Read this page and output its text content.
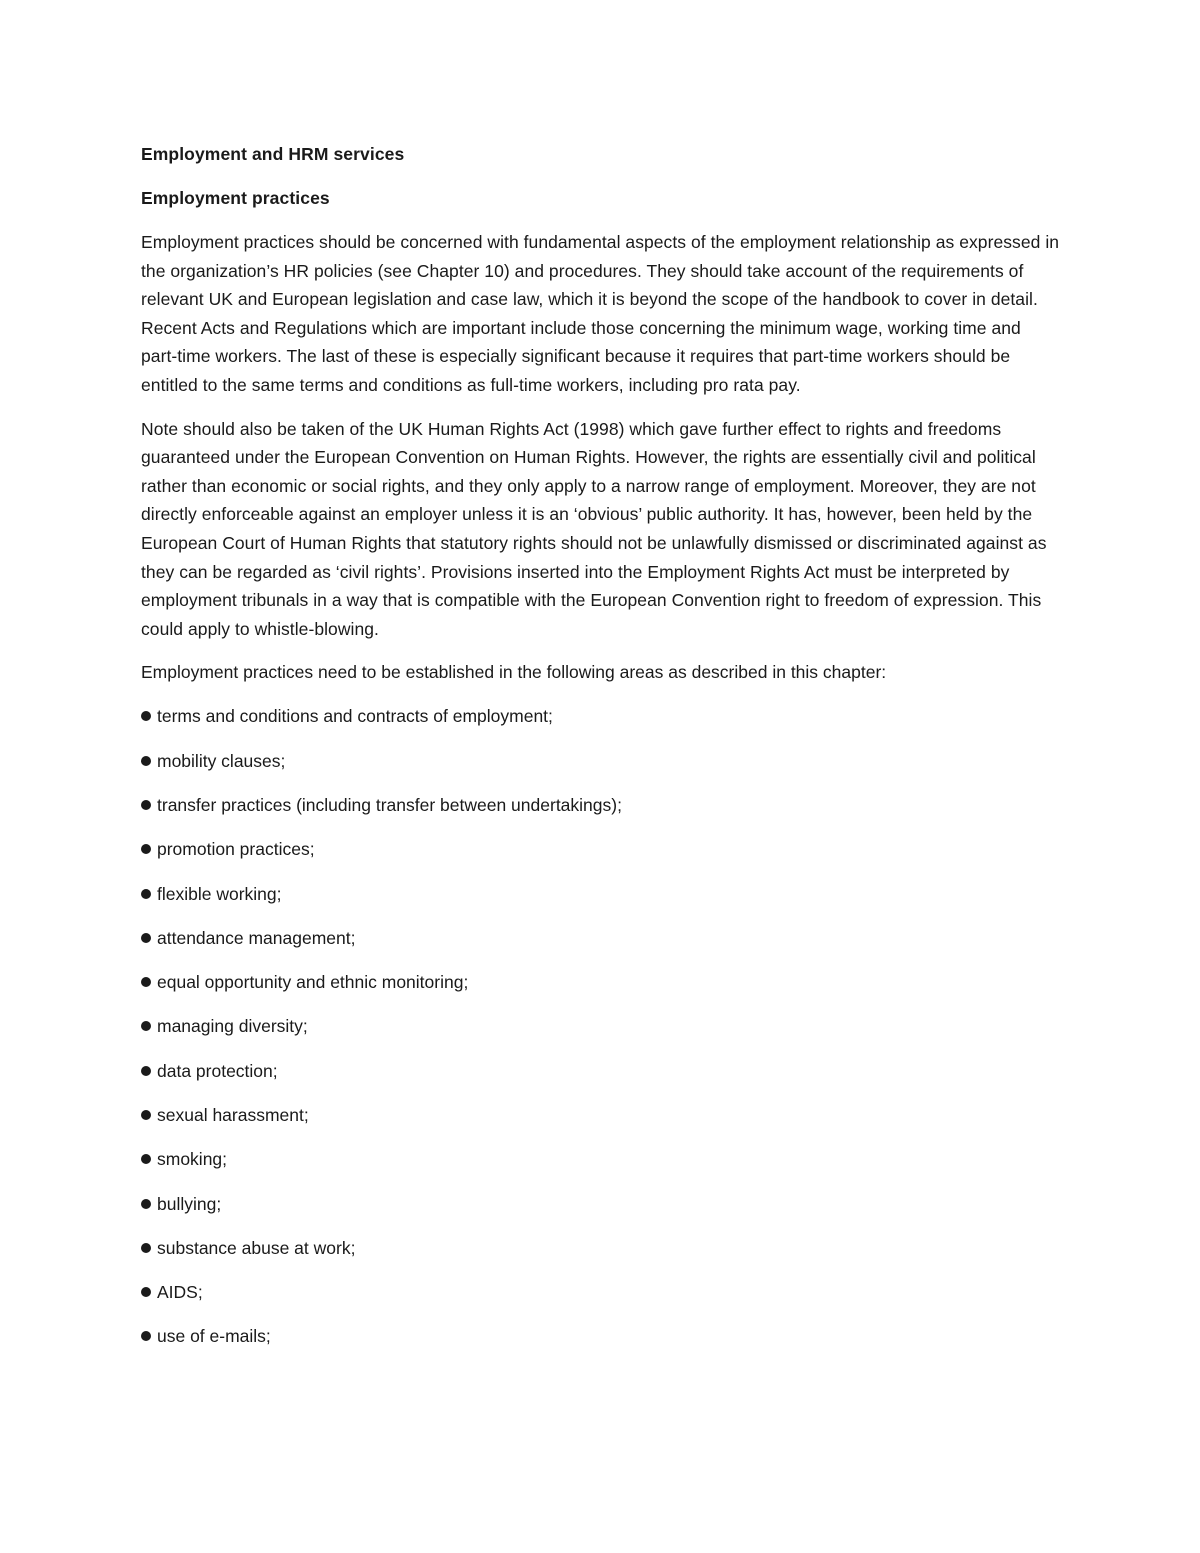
Employment and HRM services
Employment practices

Employment practices should be concerned with fundamental aspects of the employment relationship as expressed in the organization’s HR policies (see Chapter 10) and procedures. They should take account of the requirements of relevant UK and European legislation and case law, which it is beyond the scope of the handbook to cover in detail. Recent Acts and Regulations which are important include those concerning the minimum wage, working time and part-time workers. The last of these is especially significant because it requires that part-time workers should be entitled to the same terms and conditions as full-time workers, including pro rata pay.

Note should also be taken of the UK Human Rights Act (1998) which gave further effect to rights and freedoms guaranteed under the European Convention on Human Rights. However, the rights are essentially civil and political rather than economic or social rights, and they only apply to a narrow range of employment. Moreover, they are not directly enforceable against an employer unless it is an ‘obvious’ public authority. It has, however, been held by the European Court of Human Rights that statutory rights should not be unlawfully dismissed or discriminated against as they can be regarded as ‘civil rights’. Provisions inserted into the Employment Rights Act must be interpreted by employment tribunals in a way that is compatible with the European Convention right to freedom of expression. This could apply to whistle-blowing.

Employment practices need to be established in the following areas as described in this chapter:

terms and conditions and contracts of employment;
mobility clauses;
transfer practices (including transfer between undertakings);
promotion practices;
flexible working;
attendance management;
equal opportunity and ethnic monitoring;
managing diversity;
data protection;
sexual harassment;
smoking;
bullying;
substance abuse at work;
AIDS;
use of e-mails;
